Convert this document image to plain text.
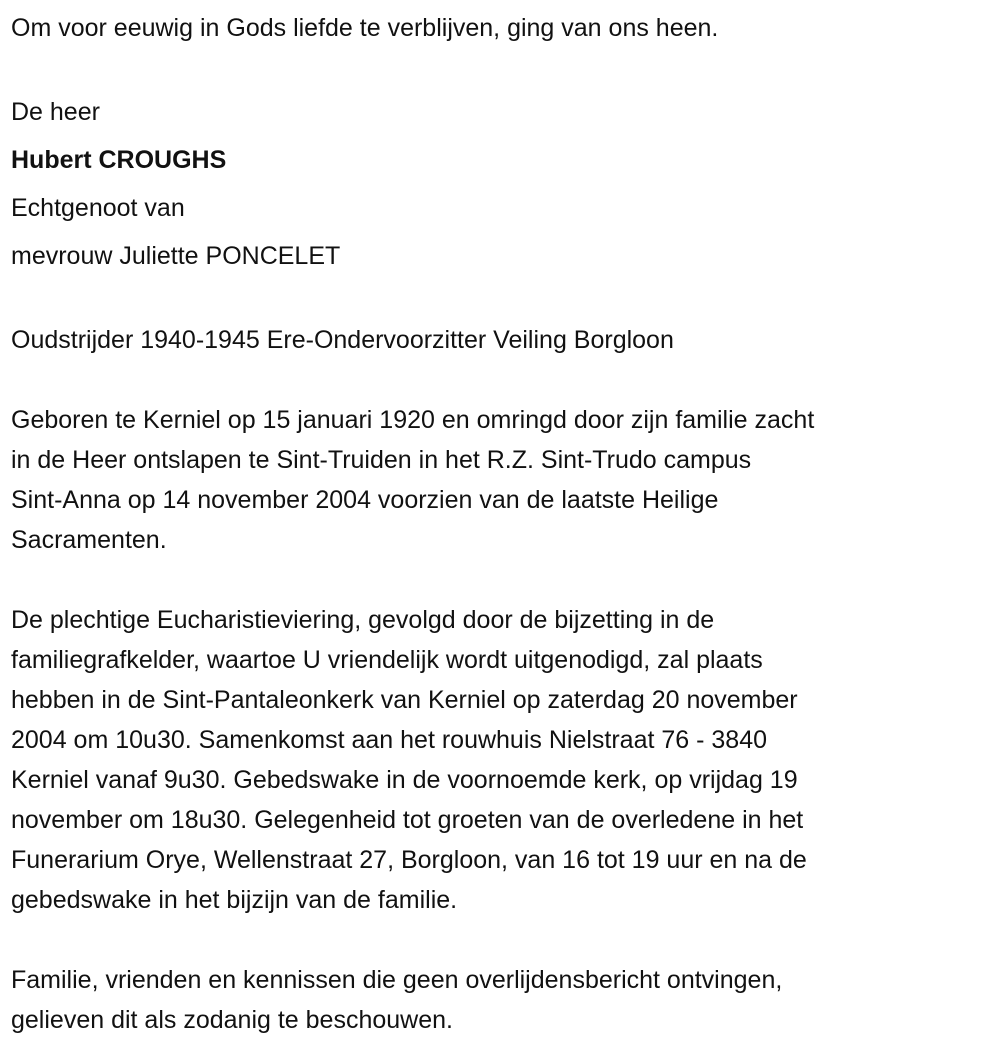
Om voor eeuwig in Gods liefde te verblijven, ging van ons heen.
De heer
Hubert CROUGHS
Echtgenoot van
mevrouw Juliette PONCELET
Oudstrijder 1940-1945 Ere-Ondervoorzitter Veiling Borgloon
Geboren te Kerniel op 15 januari 1920 en omringd door zijn familie zacht
in de Heer ontslapen te Sint-Truiden in het R.Z. Sint-Trudo campus
Sint-Anna op 14 november 2004 voorzien van de laatste Heilige
Sacramenten.
De plechtige Eucharistieviering, gevolgd door de bijzetting in de
familiegrafkelder, waartoe U vriendelijk wordt uitgenodigd, zal plaats
hebben in de Sint-Pantaleonkerk van Kerniel op zaterdag 20 november
2004 om 10u30. Samenkomst aan het rouwhuis Nielstraat 76 - 3840
Kerniel vanaf 9u30. Gebedswake in de voornoemde kerk, op vrijdag 19
november om 18u30. Gelegenheid tot groeten van de overledene in het
Funerarium Orye, Wellenstraat 27, Borgloon, van 16 tot 19 uur en na de
gebedswake in het bijzijn van de familie.
Familie, vrienden en kennissen die geen overlijdensbericht ontvingen,
gelieven dit als zodanig te beschouwen.
